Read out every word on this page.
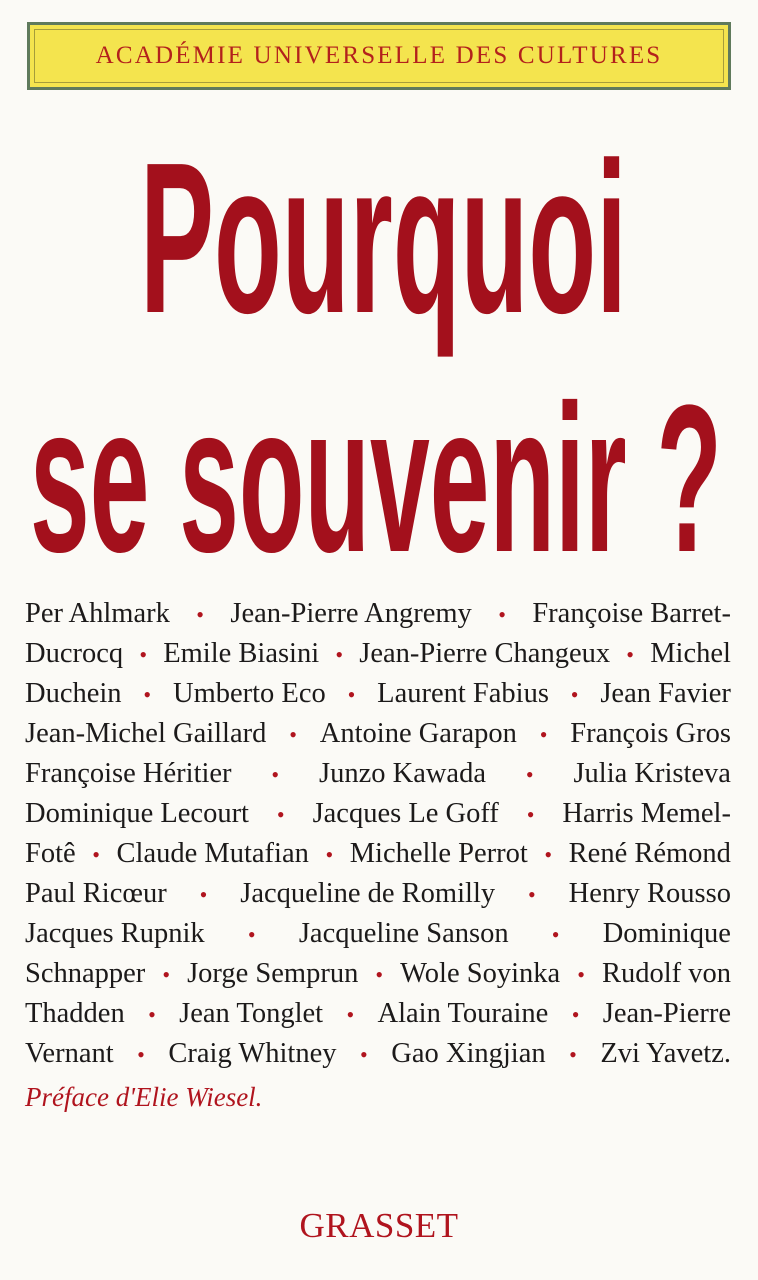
ACADÉMIE UNIVERSELLE DES CULTURES
Pourquoi
se souvenir ?
Per Ahlmark • Jean-Pierre Angremy • Françoise Barret-
Ducrocq • Emile Biasini • Jean-Pierre Changeux • Michel
Duchein • Umberto Eco • Laurent Fabius • Jean Favier
Jean-Michel Gaillard • Antoine Garapon • François Gros
Françoise Héritier • Junzo Kawada • Julia Kristeva
Dominique Lecourt • Jacques Le Goff • Harris Memel-
Fotê • Claude Mutafian • Michelle Perrot • René Rémond
Paul Ricœur • Jacqueline de Romilly • Henry Rousso
Jacques Rupnik • Jacqueline Sanson • Dominique
Schnapper • Jorge Semprun • Wole Soyinka • Rudolf von
Thadden • Jean Tonglet • Alain Touraine • Jean-Pierre
Vernant • Craig Whitney • Gao Xingjian • Zvi Yavetz.
Préface d'Elie Wiesel.
GRASSET
